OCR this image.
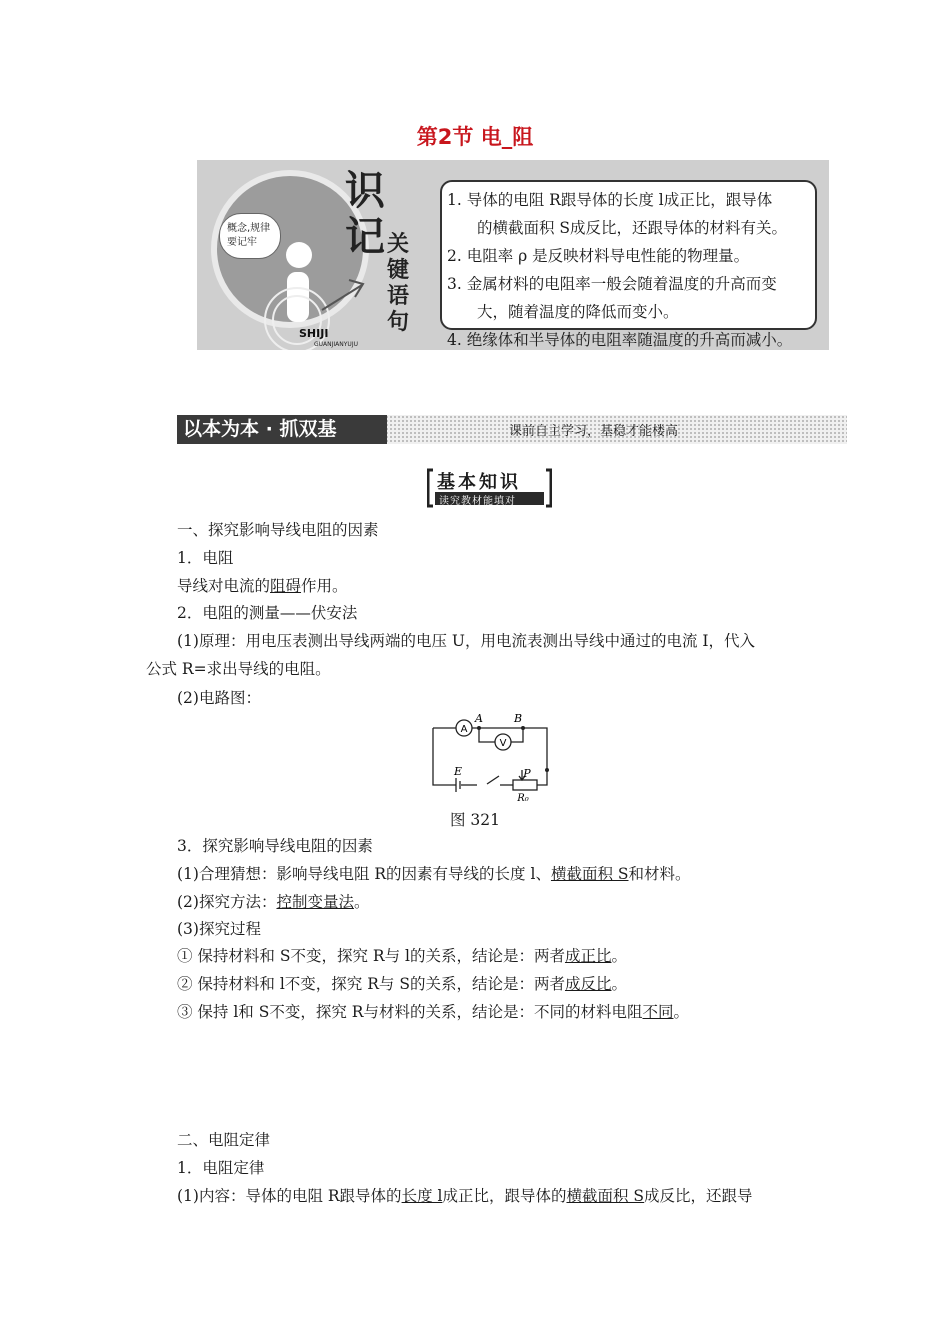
第2节 电_阻
概念,规律
要记牢
SHIJI
GUANJIANYUJU
识
记 关
键
语
句
1. 导体的电阻 R跟导体的长度 l成正比，跟导体
的横截面积 S成反比，还跟导体的材料有关。
2. 电阻率 ρ 是反映材料导电性能的物理量。
3. 金属材料的电阻率一般会随着温度的升高而变
大，随着温度的降低而变小。
4. 绝缘体和半导体的电阻率随温度的升高而减小。
以本为本 · 抓双基	课前自主学习，基稳才能楼高
基本知识
读究教材能填对
一、探究影响导线电阻的因素
1．电阻
导线对电流的阻碍作用。
2．电阻的测量——伏安法
(1)原理：用电压表测出导线两端的电压 U，用电流表测出导线中通过的电流 I，代入
公式 R=求出导线的电阻。
(2)电路图：
A
V
A	B
E	P
R₀
图 321
3．探究影响导线电阻的因素
(1)合理猜想：影响导线电阻 R的因素有导线的长度 l、横截面积 S和材料。
(2)探究方法：控制变量法。
(3)探究过程
① 保持材料和 S不变，探究 R与 l的关系，结论是：两者成正比。
② 保持材料和 l不变，探究 R与 S的关系，结论是：两者成反比。
③ 保持 l和 S不变，探究 R与材料的关系，结论是：不同的材料电阻不同。
二、电阻定律
1．电阻定律
(1)内容：导体的电阻 R跟导体的长度 l成正比，跟导体的横截面积 S成反比，还跟导
